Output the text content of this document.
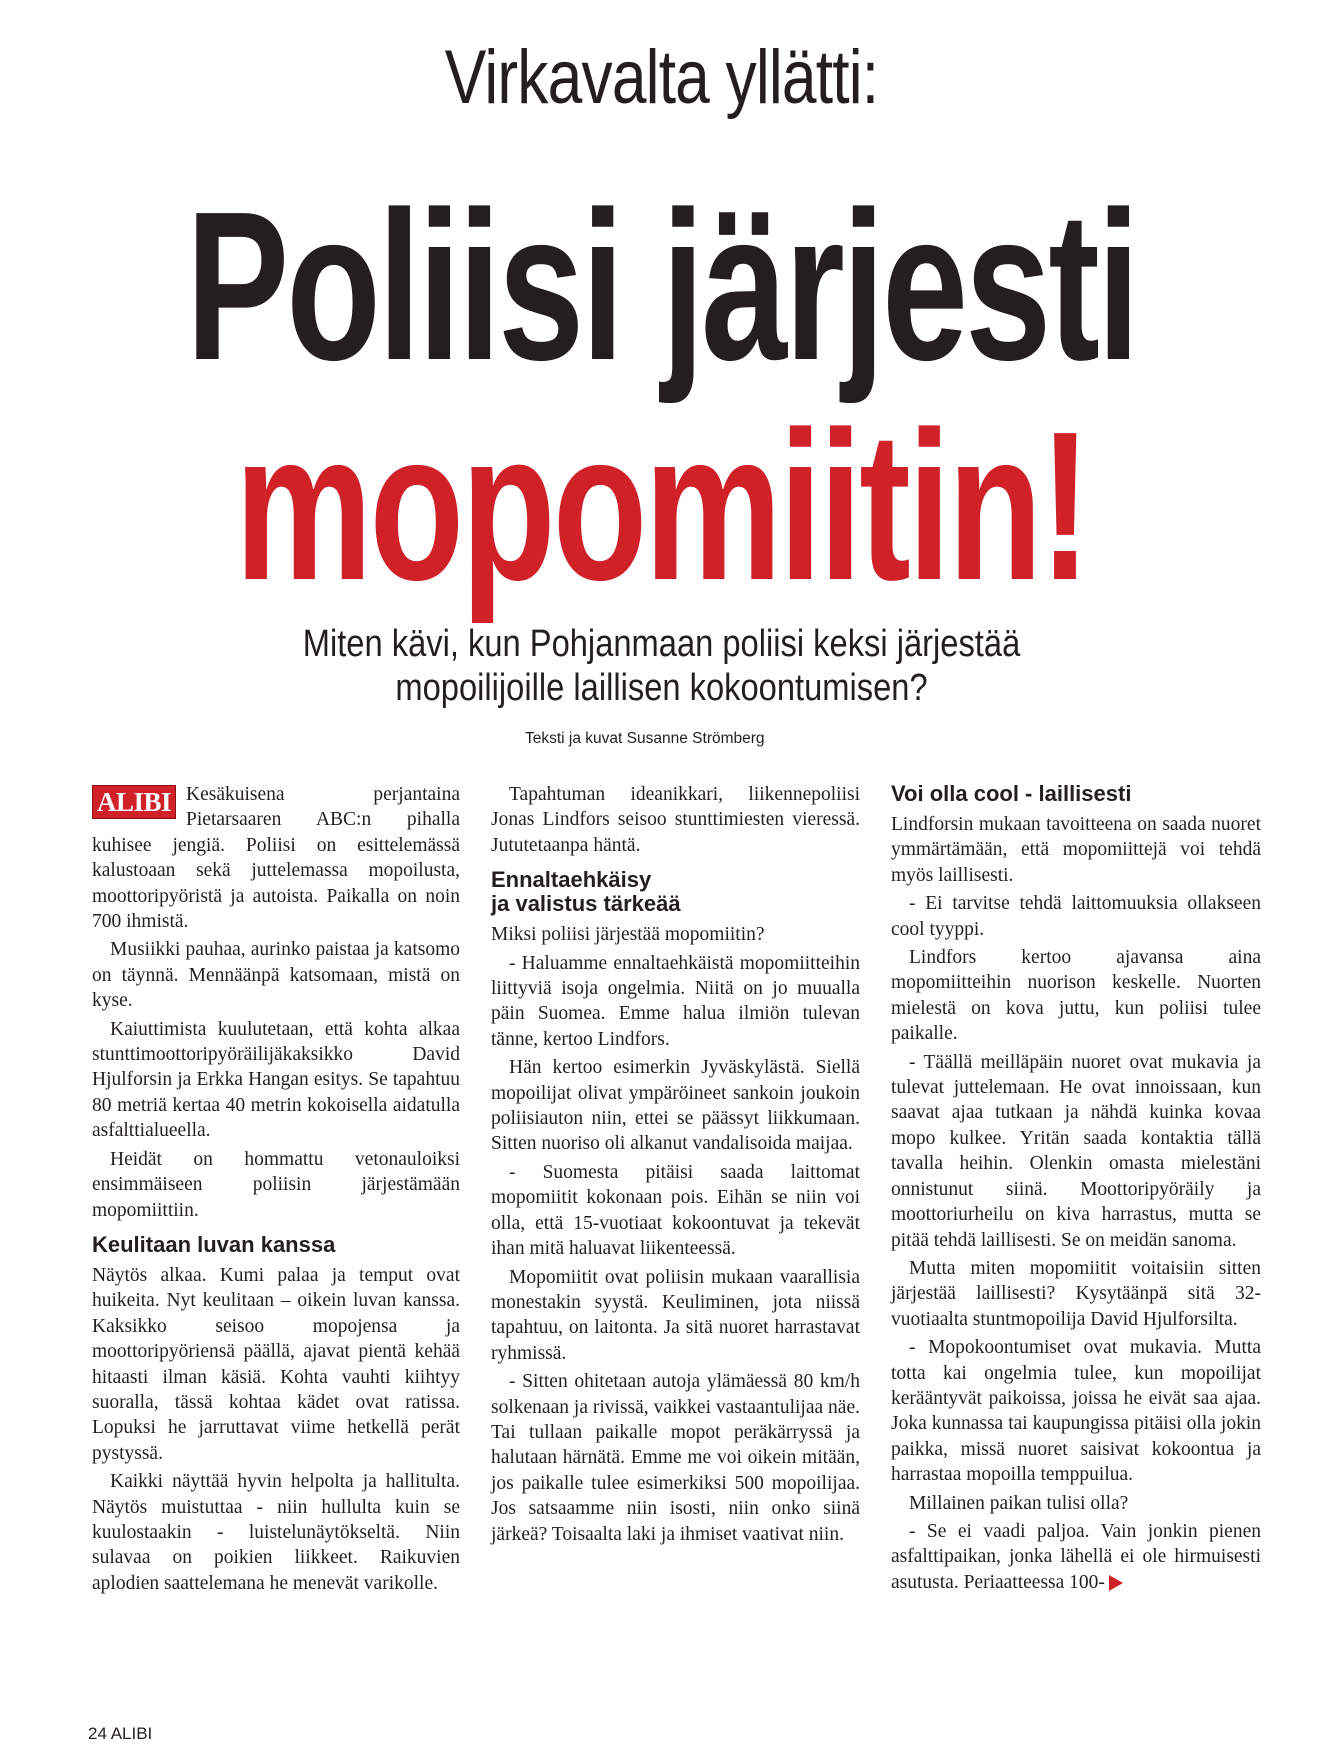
Virkavalta yllätti:
Poliisi järjesti
mopomiitin!
Miten kävi, kun Pohjanmaan poliisi keksi järjestää
mopoilijoille laillisen kokoontumisen?
Teksti ja kuvat Susanne Strömberg

ALIBI Kesäkuisena perjantaina Pietarsaaren ABC:n pihalla kuhisee jengiä. Poliisi on esittelemässä kalustoaan sekä juttelemassa mopoilusta, moottoripyöristä ja autoista. Paikalla on noin 700 ihmistä.

Musiikki pauhaa, aurinko paistaa ja katsomo on täynnä. Mennäänpä katsomaan, mistä on kyse.

Kaiuttimista kuulutetaan, että kohta alkaa stunttimoottoripyöräilijäkaksikko David Hjulforsin ja Erkka Hangan esitys. Se tapahtuu 80 metriä kertaa 40 metrin kokoisella aidatulla asfalttialueella.

Heidät on hommattu vetonauloiksi ensimmäiseen poliisin järjestämään mopomiittiin.

Keulitaan luvan kanssa

Näytös alkaa. Kumi palaa ja temput ovat huikeita. Nyt keulitaan – oikein luvan kanssa. Kaksikko seisoo mopojensa ja moottoripyöriensä päällä, ajavat pientä kehää hitaasti ilman käsiä. Kohta vauhti kiihtyy suoralla, tässä kohtaa kädet ovat ratissa. Lopuksi he jarruttavat viime hetkellä perät pystyssä.

Kaikki näyttää hyvin helpolta ja hallitulta. Näytös muistuttaa - niin hullulta kuin se kuulostaakin - luistelunäytökseltä. Niin sulavaa on poikien liikkeet. Raikuvien aplodien saattelemana he menevät varikolle.

Tapahtuman ideanikkari, liikennepoliisi Jonas Lindfors seisoo stunttimiesten vieressä. Jututetaanpa häntä.

Ennaltaehkäisy
ja valistus tärkeää

Miksi poliisi järjestää mopomiitin?

- Haluamme ennaltaehkäistä mopomiitteihin liittyviä isoja ongelmia. Niitä on jo muualla päin Suomea. Emme halua ilmiön tulevan tänne, kertoo Lindfors.

Hän kertoo esimerkin Jyväskylästä. Siellä mopoilijat olivat ympäröineet sankoin joukoin poliisiauton niin, ettei se päässyt liikkumaan. Sitten nuoriso oli alkanut vandalisoida maijaa.

- Suomesta pitäisi saada laittomat mopomiitit kokonaan pois. Eihän se niin voi olla, että 15-vuotiaat kokoontuvat ja tekevät ihan mitä haluavat liikenteessä.

Mopomiitit ovat poliisin mukaan vaarallisia monestakin syystä. Keuliminen, jota niissä tapahtuu, on laitonta. Ja sitä nuoret harrastavat ryhmissä.

- Sitten ohitetaan autoja ylämäessä 80 km/h solkenaan ja rivissä, vaikkei vastaantulijaa näe. Tai tullaan paikalle mopot peräkärryssä ja halutaan härnätä. Emme me voi oikein mitään, jos paikalle tulee esimerkiksi 500 mopoilijaa. Jos satsaamme niin isosti, niin onko siinä järkeä? Toisaalta laki ja ihmiset vaativat niin.

Voi olla cool - laillisesti

Lindforsin mukaan tavoitteena on saada nuoret ymmärtämään, että mopomiittejä voi tehdä myös laillisesti.

- Ei tarvitse tehdä laittomuuksia ollakseen cool tyyppi.

Lindfors kertoo ajavansa aina mopomiitteihin nuorison keskelle. Nuorten mielestä on kova juttu, kun poliisi tulee paikalle.

- Täällä meilläpäin nuoret ovat mukavia ja tulevat juttelemaan. He ovat innoissaan, kun saavat ajaa tutkaan ja nähdä kuinka kovaa mopo kulkee. Yritän saada kontaktia tällä tavalla heihin. Olenkin omasta mielestäni onnistunut siinä. Moottoripyöräily ja moottoriurheilu on kiva harrastus, mutta se pitää tehdä laillisesti. Se on meidän sanoma.

Mutta miten mopomiitit voitaisiin sitten järjestää laillisesti? Kysytäänpä sitä 32-vuotiaalta stuntmopoilija David Hjulforsilta.

- Mopokoontumiset ovat mukavia. Mutta totta kai ongelmia tulee, kun mopoilijat kerääntyvät paikoissa, joissa he eivät saa ajaa. Joka kunnassa tai kaupungissa pitäisi olla jokin paikka, missä nuoret saisivat kokoontua ja harrastaa mopoilla temppuilua.

Millainen paikan tulisi olla?

- Se ei vaadi paljoa. Vain jonkin pienen asfalttipaikan, jonka lähellä ei ole hirmuisesti asutusta. Periaatteessa 100-

24 ALIBI
